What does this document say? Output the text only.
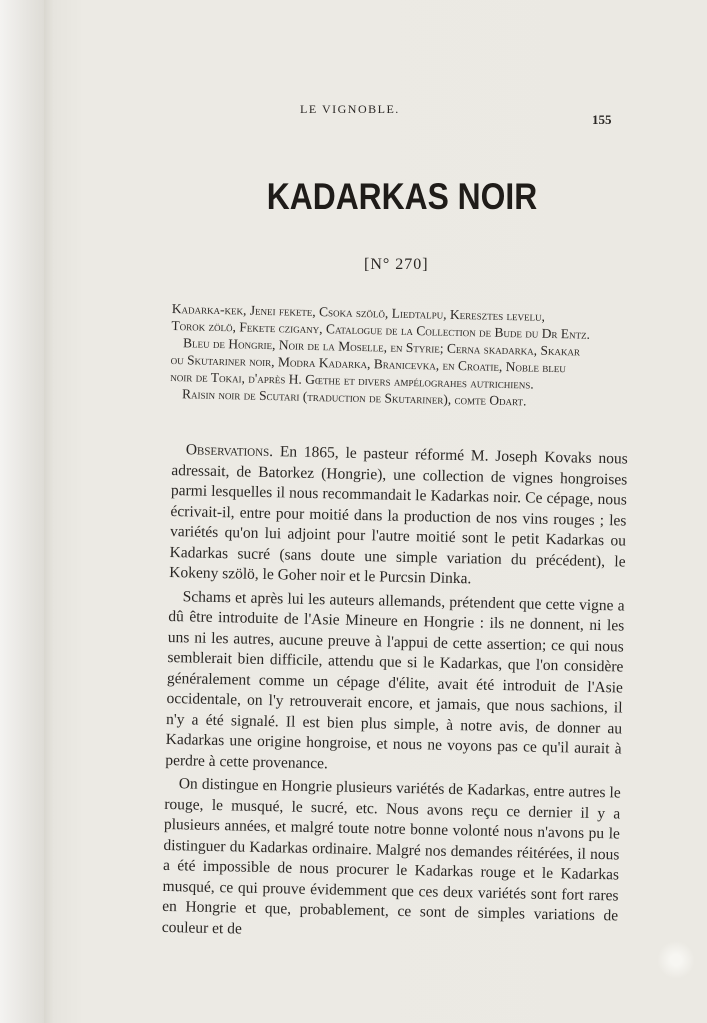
LE VIGNOBLE.
155
KADARKAS NOIR
[N° 270]
Kadarka-kek, Jenei fekete, Csoka szölö, Liedtalpu, Keresztes levelu,
Torok zölö, Fekete czigany, Catalogue de la Collection de Bude du Dr Entz.
Bleu de Hongrie, Noir de la Moselle, en Styrie; Cerna skadarka, Skakar
ou Skutariner noir, Modra Kadarka, Branicevka, en Croatie, Noble bleu
noir de Tokai, d'après H. Gœthe et divers ampélograhes autrichiens.
Raisin noir de Scutari (traduction de Skutariner), comte Odart.

Observations. En 1865, le pasteur réformé M. Joseph Kovaks nous adressait, de Batorkez (Hongrie), une collection de vignes hongroises parmi lesquelles il nous recommandait le Kadarkas noir. Ce cépage, nous écrivait-il, entre pour moitié dans la production de nos vins rouges ; les variétés qu'on lui adjoint pour l'autre moitié sont le petit Kadarkas ou Kadarkas sucré (sans doute une simple variation du précédent), le Kokeny szölö, le Goher noir et le Purcsin Dinka.

Schams et après lui les auteurs allemands, prétendent que cette vigne a dû être introduite de l'Asie Mineure en Hongrie : ils ne donnent, ni les uns ni les autres, aucune preuve à l'appui de cette assertion; ce qui nous semblerait bien difficile, attendu que si le Kadarkas, que l'on considère généralement comme un cépage d'élite, avait été introduit de l'Asie occidentale, on l'y retrouverait encore, et jamais, que nous sachions, il n'y a été signalé. Il est bien plus simple, à notre avis, de donner au Kadarkas une origine hongroise, et nous ne voyons pas ce qu'il aurait à perdre à cette provenance.

On distingue en Hongrie plusieurs variétés de Kadarkas, entre autres le rouge, le musqué, le sucré, etc. Nous avons reçu ce dernier il y a plusieurs années, et malgré toute notre bonne volonté nous n'avons pu le distinguer du Kadarkas ordinaire. Malgré nos demandes réitérées, il nous a été impossible de nous procurer le Kadarkas rouge et le Kadarkas musqué, ce qui prouve évidemment que ces deux variétés sont fort rares en Hongrie et que, probablement, ce sont de simples variations de couleur et de
